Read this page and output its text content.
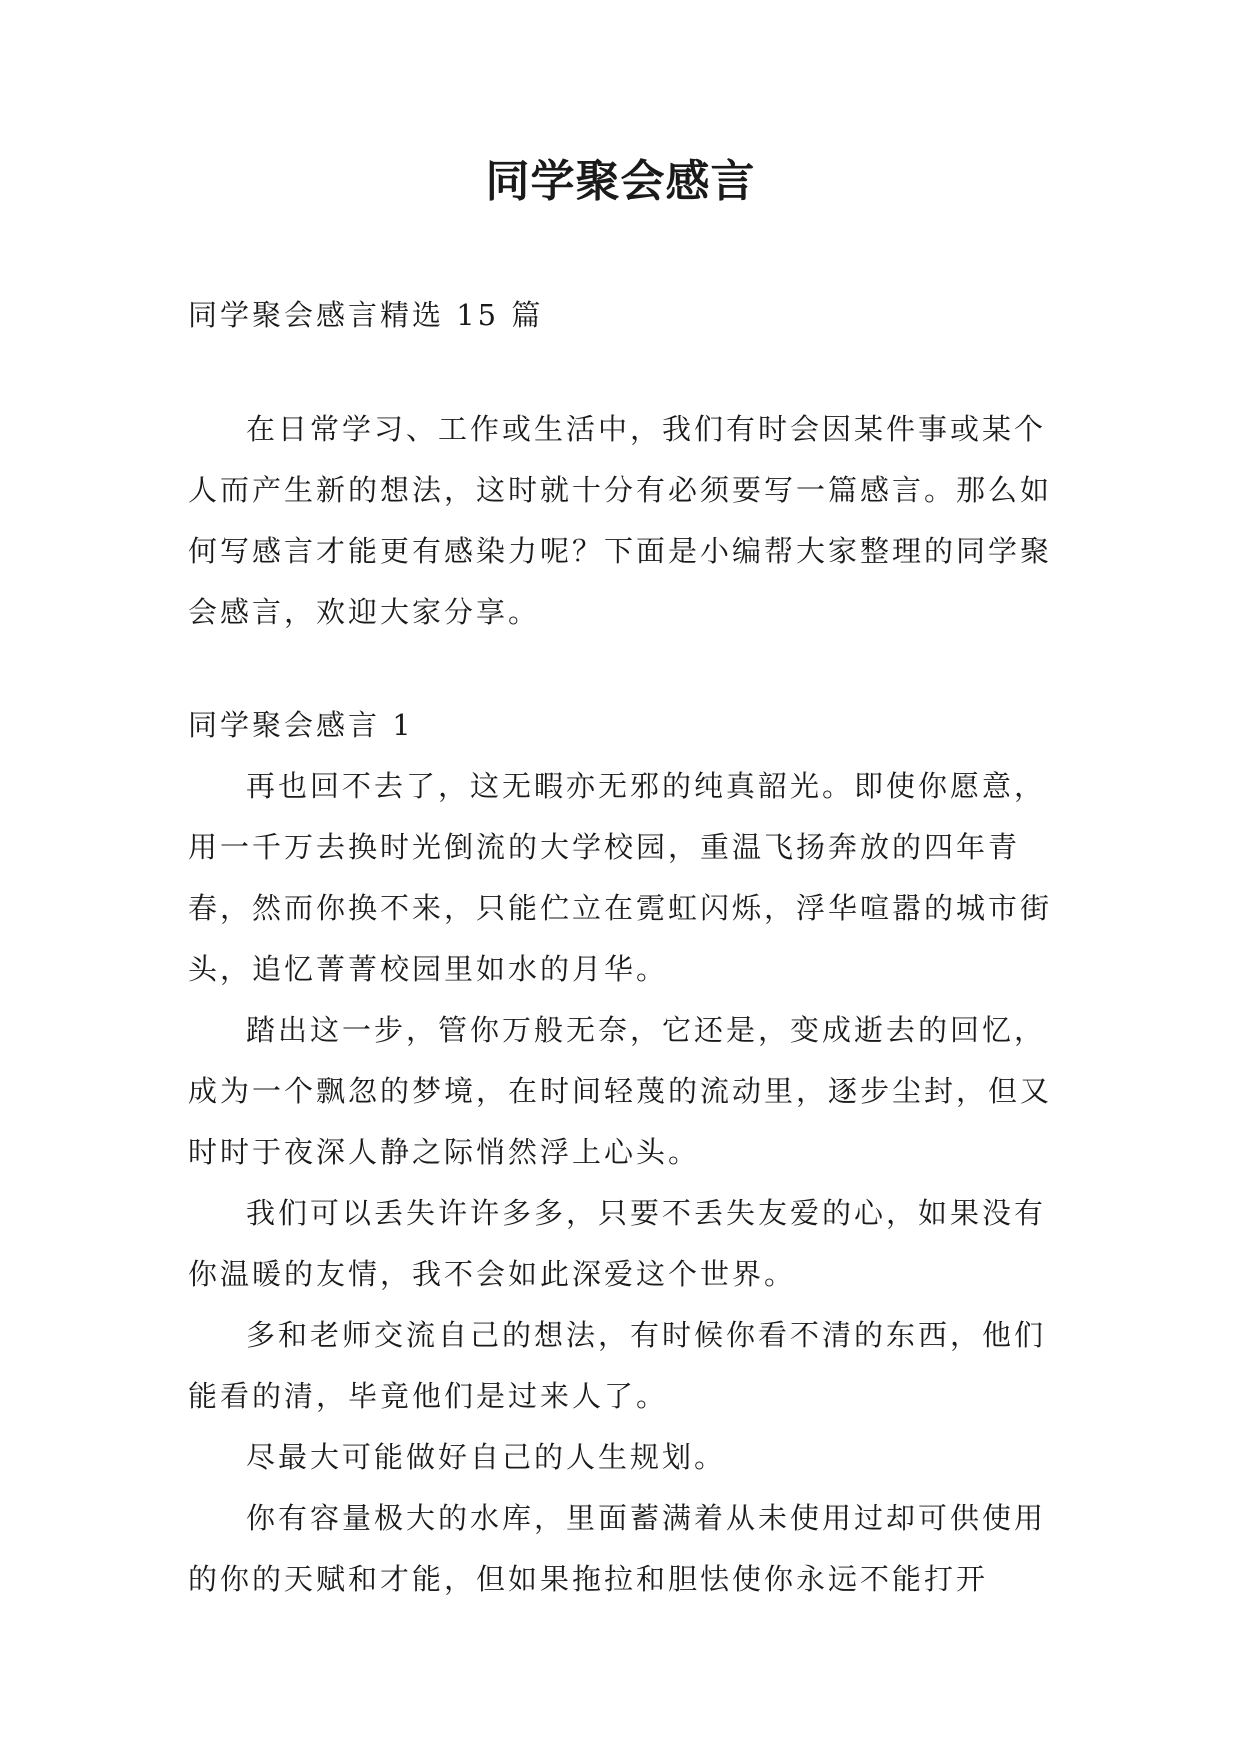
同学聚会感言
同学聚会感言精选 15 篇
在日常学习、工作或生活中，我们有时会因某件事或某个人而产生新的想法，这时就十分有必须要写一篇感言。那么如何写感言才能更有感染力呢？下面是小编帮大家整理的同学聚会感言，欢迎大家分享。

同学聚会感言 1

再也回不去了，这无暇亦无邪的纯真韶光。即使你愿意，用一千万去换时光倒流的大学校园，重温飞扬奔放的四年青春，然而你换不来，只能伫立在霓虹闪烁，浮华喧嚣的城市街头，追忆菁菁校园里如水的月华。

踏出这一步，管你万般无奈，它还是，变成逝去的回忆，成为一个飘忽的梦境，在时间轻蔑的流动里，逐步尘封，但又时时于夜深人静之际悄然浮上心头。

我们可以丢失许许多多，只要不丢失友爱的心，如果没有你温暖的友情，我不会如此深爱这个世界。

多和老师交流自己的想法，有时候你看不清的东西，他们能看的清，毕竟他们是过来人了。

尽最大可能做好自己的人生规划。

你有容量极大的水库，里面蓄满着从未使用过却可供使用的你的天赋和才能，但如果拖拉和胆怯使你永远不能打开
